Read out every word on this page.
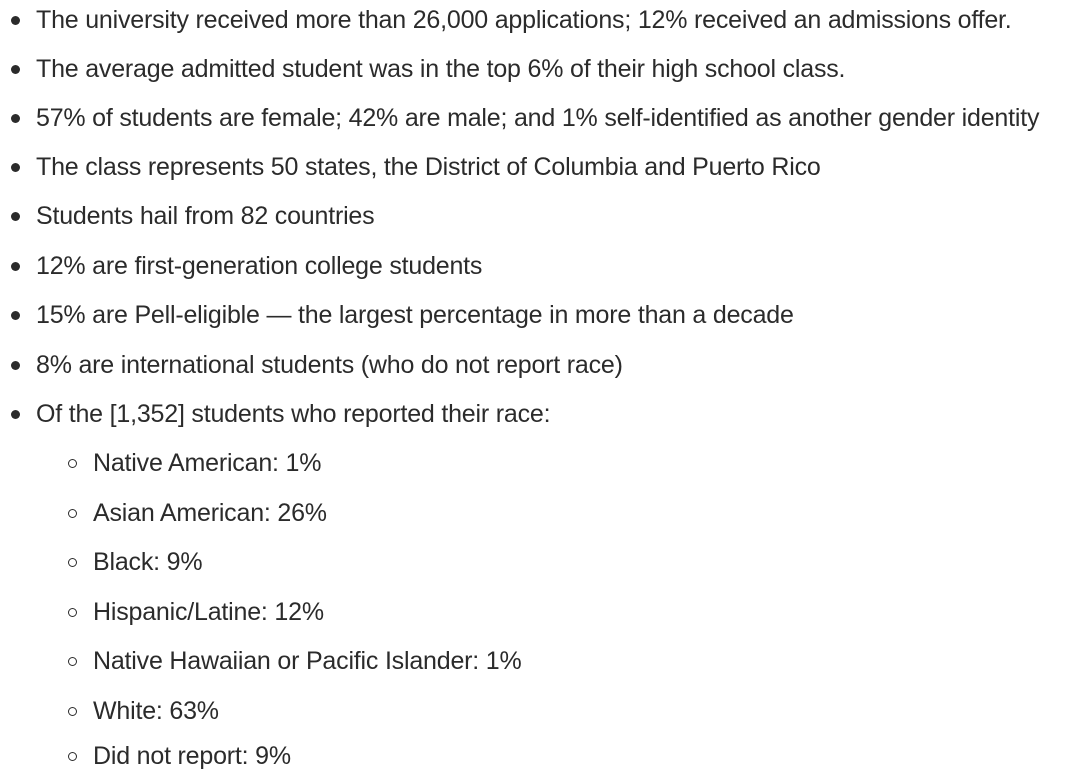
The university received more than 26,000 applications; 12% received an admissions offer.
The average admitted student was in the top 6% of their high school class.
57% of students are female; 42% are male; and 1% self-identified as another gender identity
The class represents 50 states, the District of Columbia and Puerto Rico
Students hail from 82 countries
12% are first-generation college students
15% are Pell-eligible — the largest percentage in more than a decade
8% are international students (who do not report race)
Of the [1,352] students who reported their race:
Native American: 1%
Asian American: 26%
Black: 9%
Hispanic/Latine: 12%
Native Hawaiian or Pacific Islander: 1%
White: 63%
Did not report: 9%
